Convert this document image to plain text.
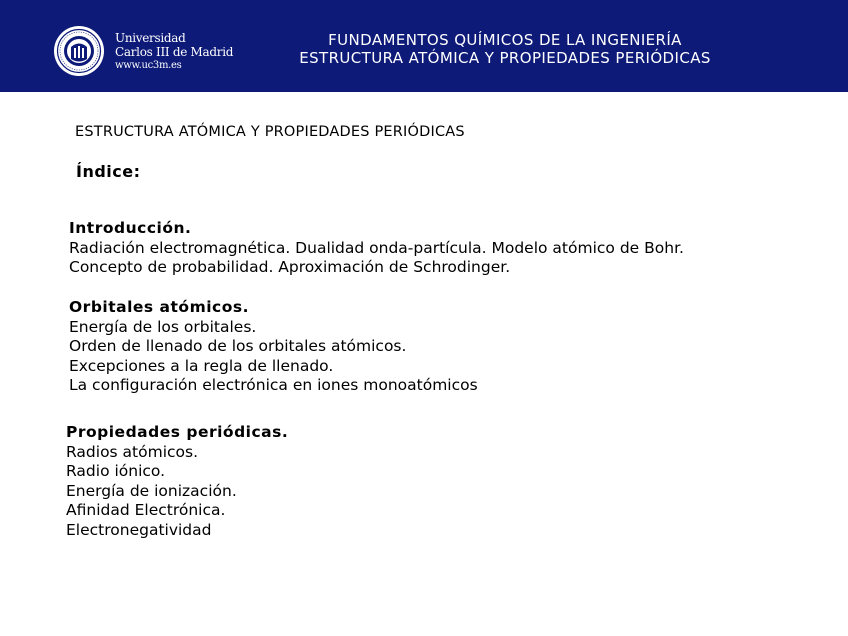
Universidad
Carlos III de Madrid
www.uc3m.es
FUNDAMENTOS QUÍMICOS DE LA INGENIERÍA
ESTRUCTURA ATÓMICA Y PROPIEDADES PERIÓDICAS
ESTRUCTURA ATÓMICA Y PROPIEDADES PERIÓDICAS
Índice:
Introducción.
Radiación electromagnética. Dualidad onda-partícula. Modelo atómico de Bohr.
Concepto de probabilidad. Aproximación de Schrodinger.
Orbitales atómicos.
Energía de los orbitales.
Orden de llenado de los orbitales atómicos.
Excepciones a la regla de llenado.
La configuración electrónica en iones monoatómicos
Propiedades periódicas.
Radios atómicos.
Radio iónico.
Energía de ionización.
Afinidad Electrónica.
Electronegatividad
